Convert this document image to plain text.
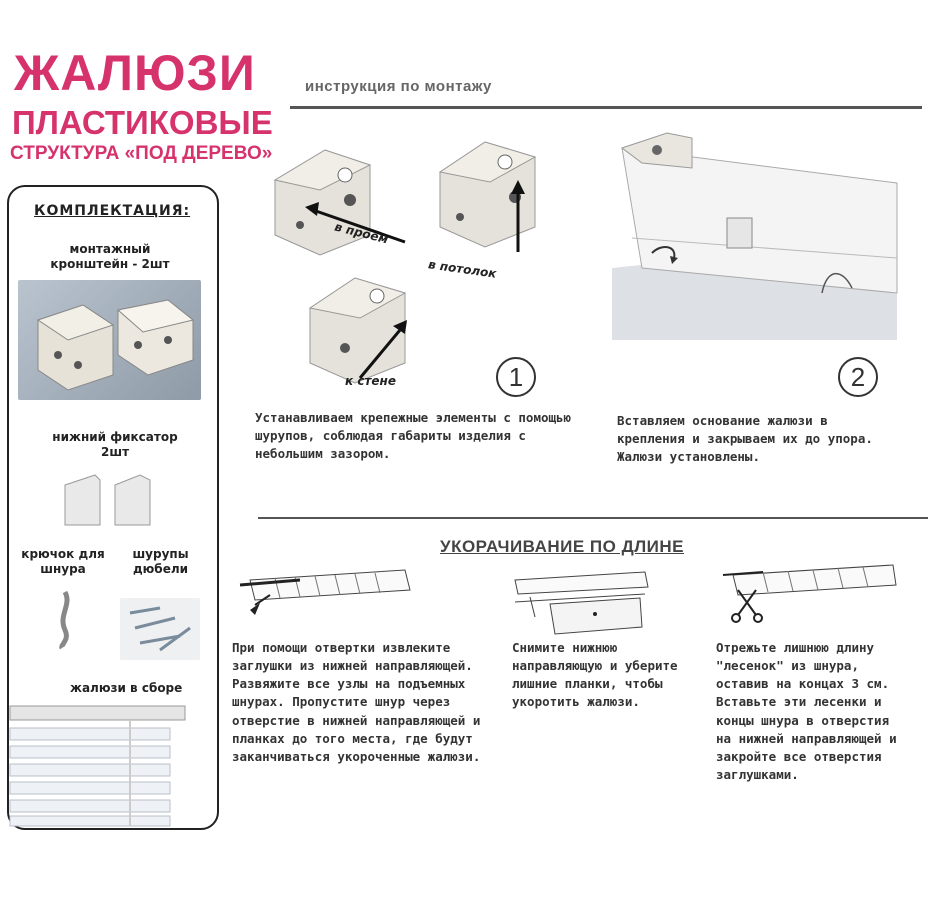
ЖАЛЮЗИ
ПЛАСТИКОВЫЕ
СТРУКТУРА «ПОД ДЕРЕВО»
инструкция по монтажу
КОМПЛЕКТАЦИЯ:
монтажный кронштейн - 2шт
нижний фиксатор 2шт
крючок для шнура
шурупы дюбели
жалюзи в сборе
в проем
в потолок
к стене	1	2
Устанавливаем крепежные элементы с помощью шурупов, соблюдая габариты изделия с небольшим зазором.
Вставляем основание жалюзи в крепления и закрываем их до упора. Жалюзи установлены.
УКОРАЧИВАНИЕ ПО ДЛИНЕ
При помощи отвертки извлеките заглушки из нижней направляющей. Развяжите все узлы на подъемных шнурах. Пропустите шнур через отверстие в нижней направляющей и планках до того места, где будут заканчиваться укороченные жалюзи.
Снимите нижнюю направляющую и уберите лишние планки, чтобы укоротить жалюзи.
Отрежьте лишнюю длину "лесенок" из шнура, оставив на концах 3 см. Вставьте эти лесенки и концы шнура в отверстия на нижней направляющей и закройте все отверстия заглушками.
